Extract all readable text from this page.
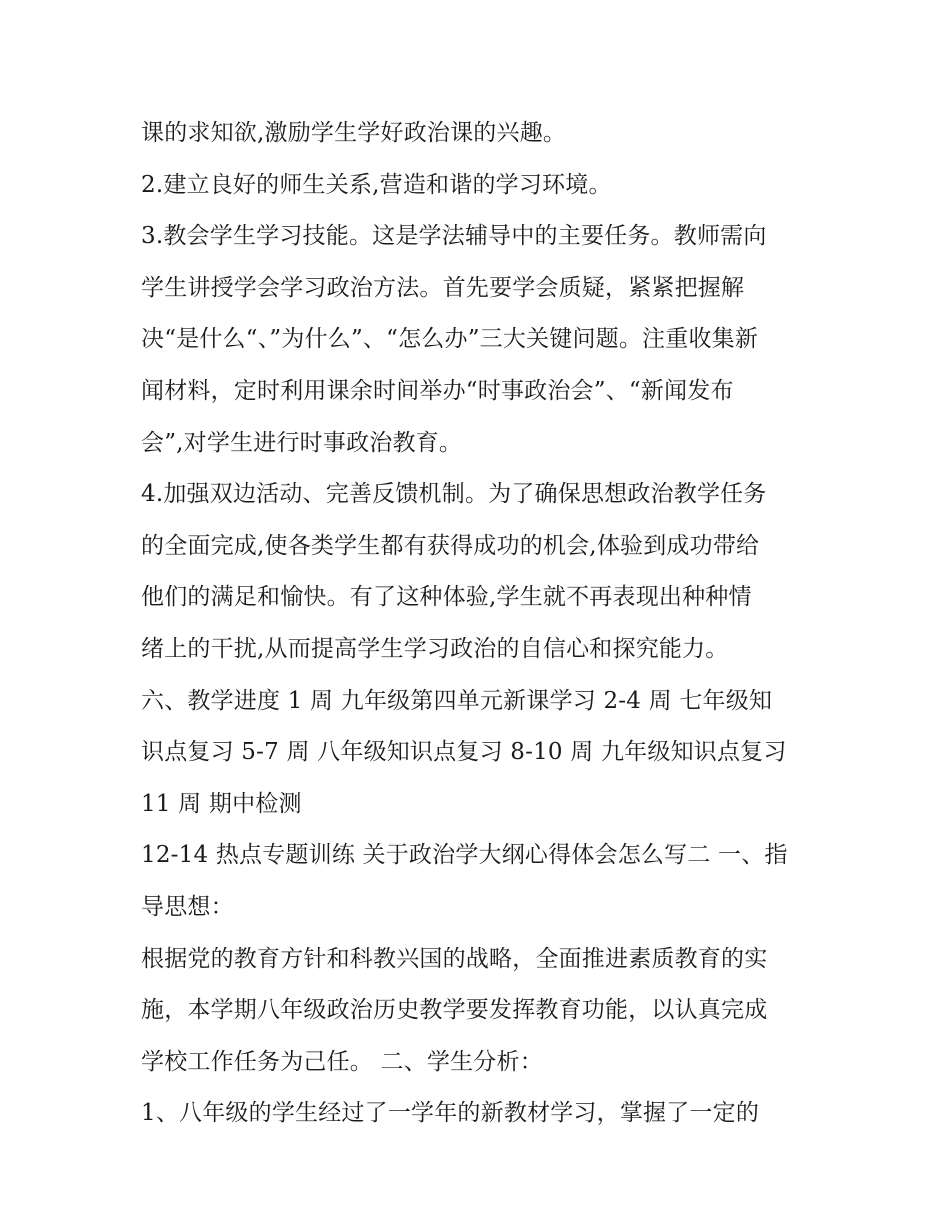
课的求知欲,激励学生学好政治课的兴趣。
2.建立良好的师生关系,营造和谐的学习环境。
3.教会学生学习技能。这是学法辅导中的主要任务。教师需向
学生讲授学会学习政治方法。首先要学会质疑，紧紧把握解
决“是什么“、”为什么”、“怎么办”三大关键问题。注重收集新
闻材料，定时利用课余时间举办“时事政治会”、“新闻发布
会”,对学生进行时事政治教育。
4.加强双边活动、完善反馈机制。为了确保思想政治教学任务
的全面完成,使各类学生都有获得成功的机会,体验到成功带给
他们的满足和愉快。有了这种体验,学生就不再表现出种种情
绪上的干扰,从而提高学生学习政治的自信心和探究能力。
六、教学进度 1 周 九年级第四单元新课学习 2-4 周 七年级知
识点复习 5-7 周 八年级知识点复习 8-10 周 九年级知识点复习
11 周 期中检测
12-14 热点专题训练 关于政治学大纲心得体会怎么写二 一、指
导思想：
根据党的教育方针和科教兴国的战略，全面推进素质教育的实
施，本学期八年级政治历史教学要发挥教育功能，以认真完成
学校工作任务为己任。 二、学生分析：
1、八年级的学生经过了一学年的新教材学习，掌握了一定的
